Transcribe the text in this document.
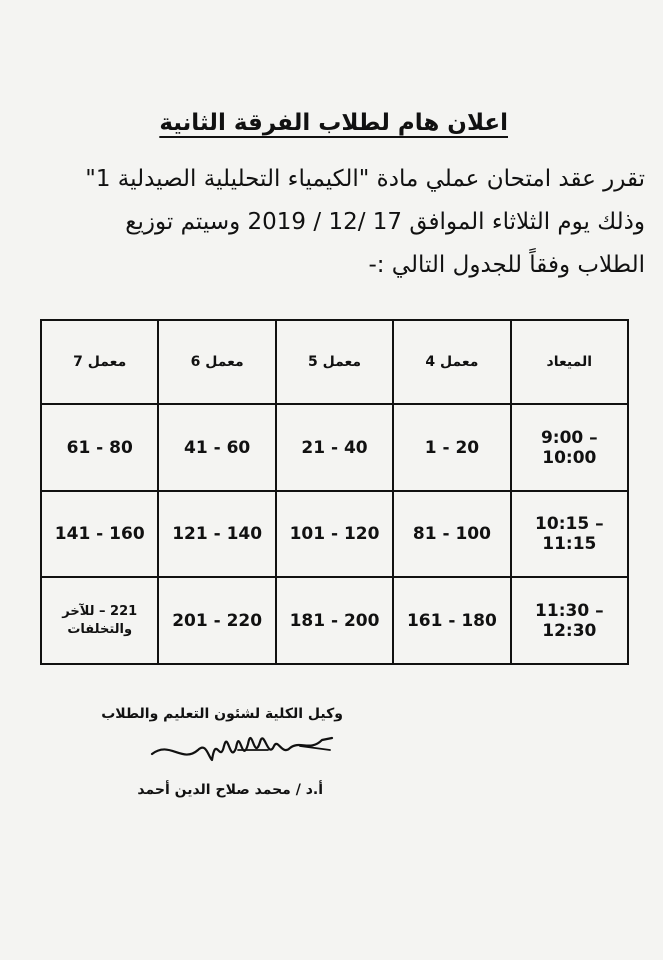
اعلان هام لطلاب الفرقة الثانية
تقرر عقد امتحان عملي مادة "الكيمياء التحليلية الصيدلية 1"
وذلك يوم الثلاثاء الموافق 17 /12 / 2019 وسيتم توزيع
الطلاب وفقاً للجدول التالي :-
الميعاد	معمل 4	معمل 5	معمل 6	معمل 7
9:00 – 10:00	1 - 20	21 - 40	41 - 60	61 - 80
10:15 – 11:15	81 - 100	101 - 120	121 - 140	141 - 160
11:30 – 12:30	161 - 180	181 - 200	201 - 220	221 – للآخر والتخلفات
وكيل الكلية لشئون التعليم والطلاب
أ.د / محمد صلاح الدين أحمد
